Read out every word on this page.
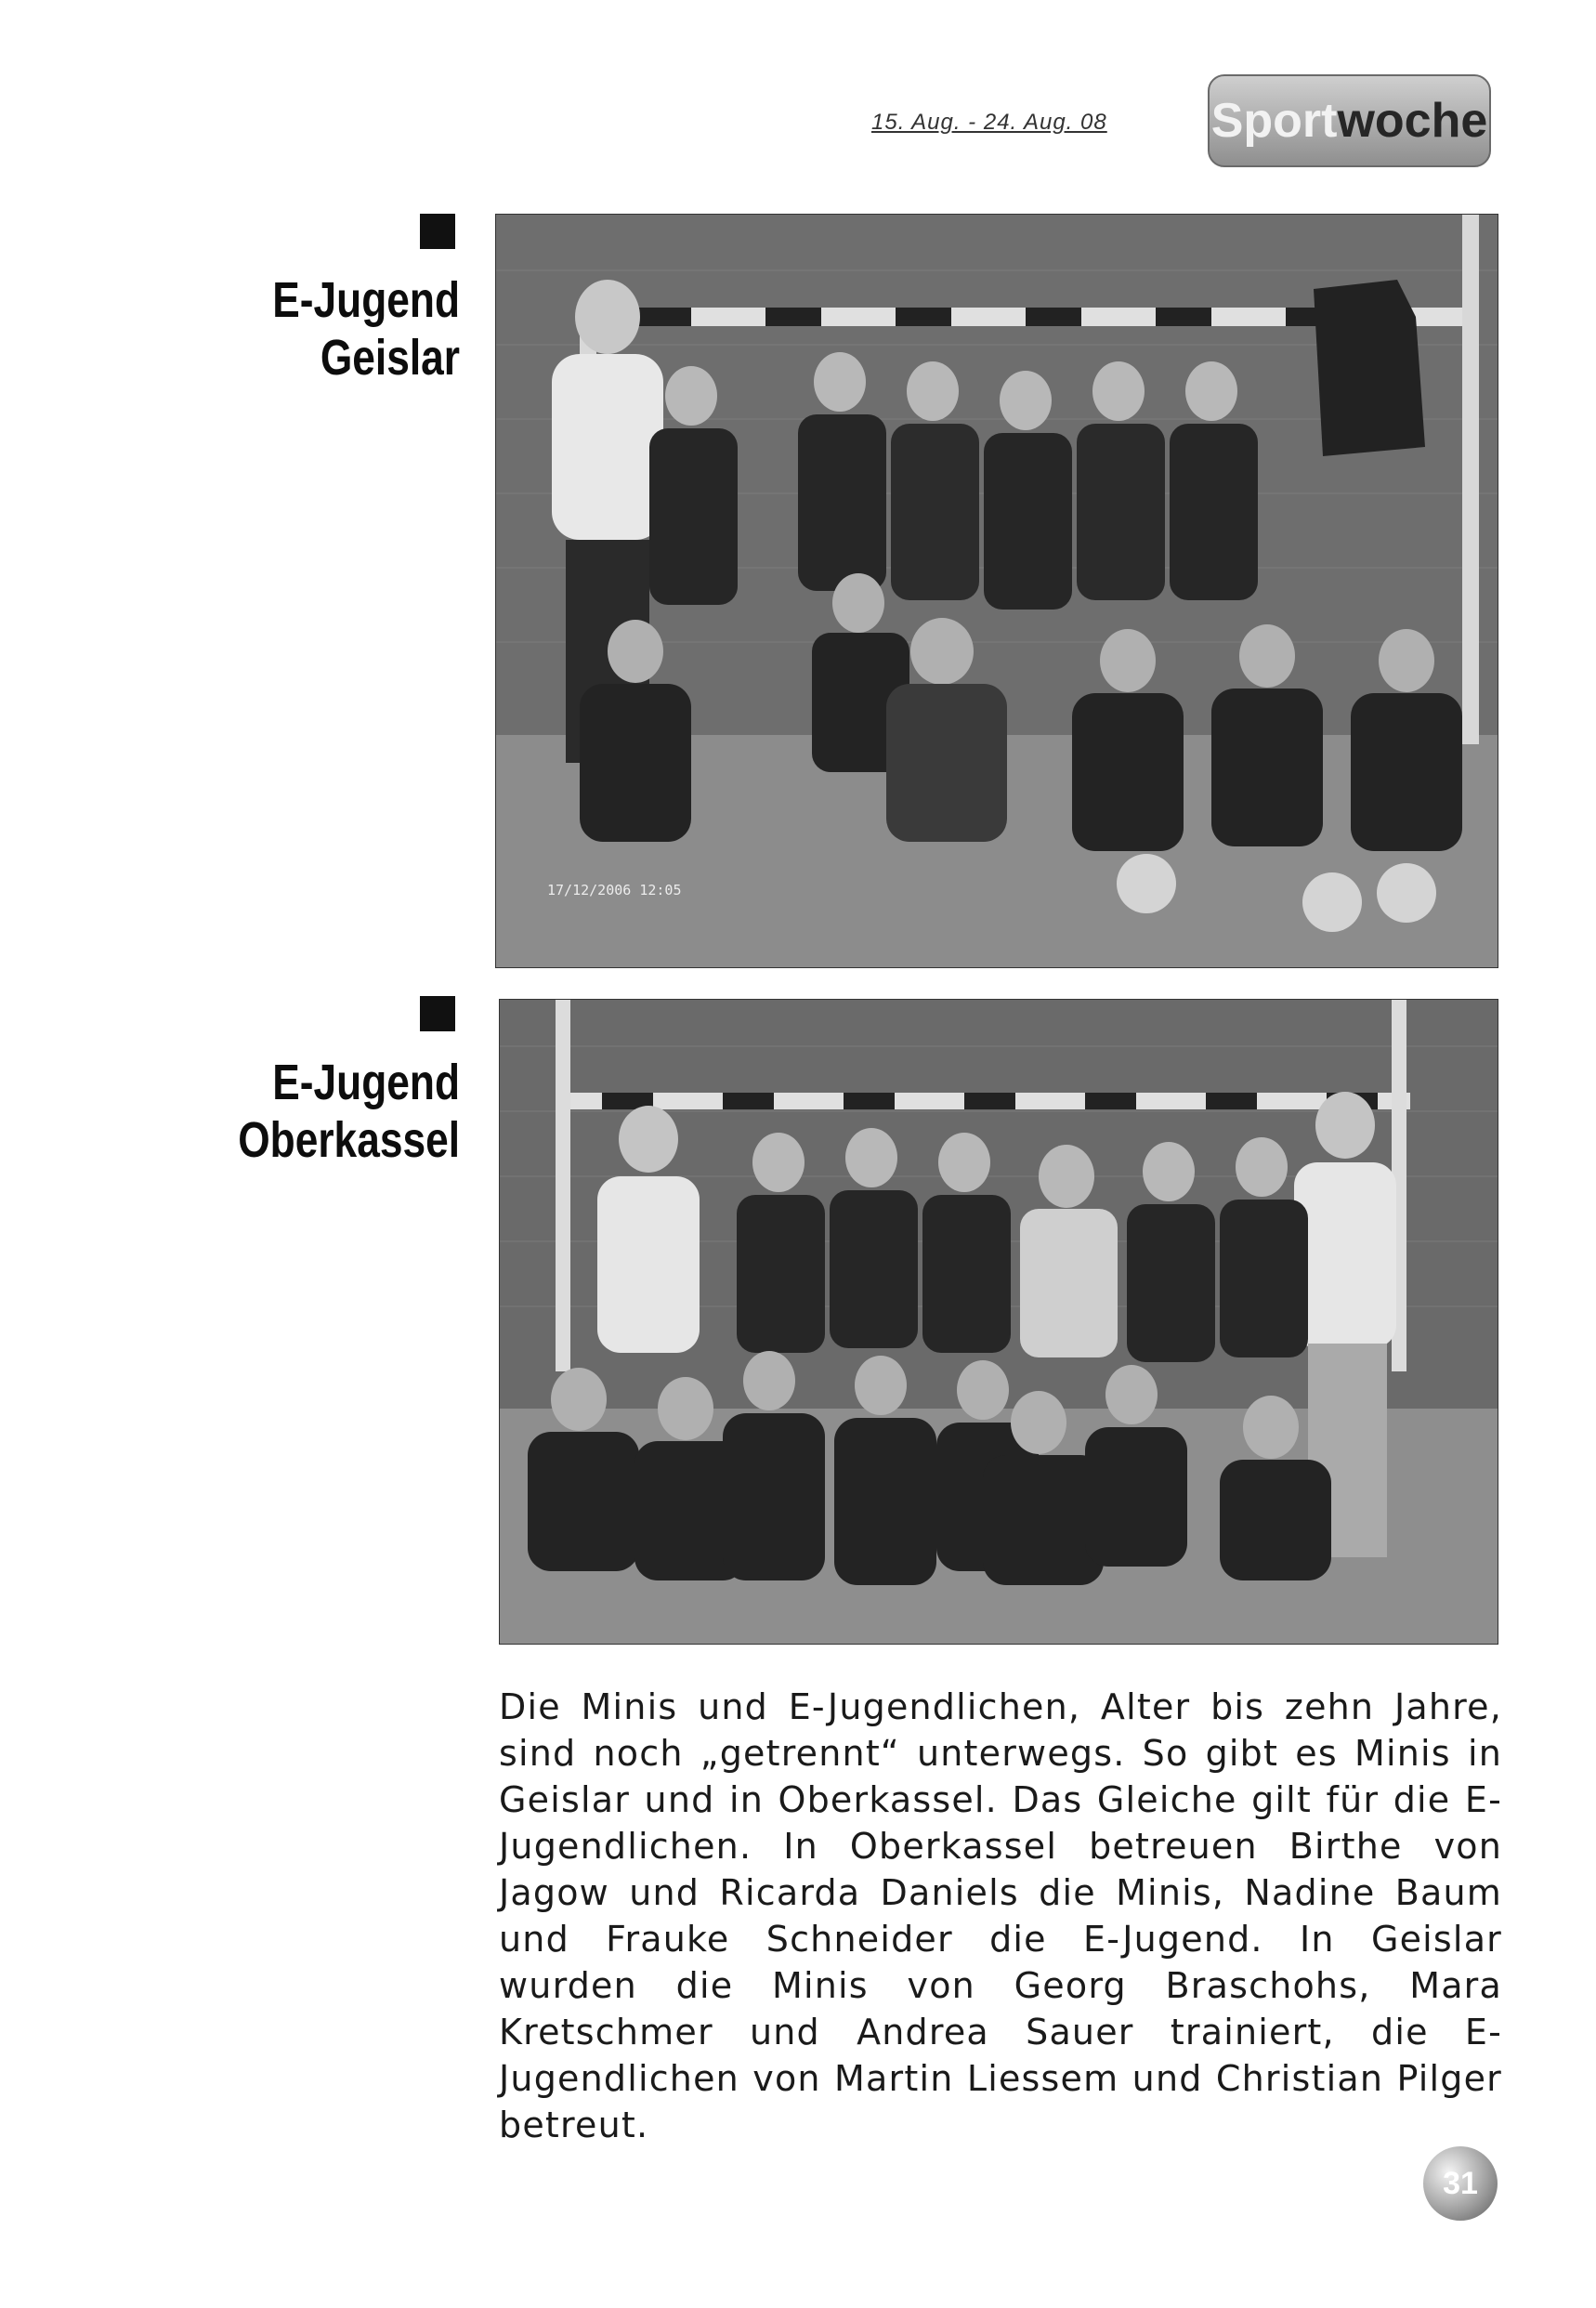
15. Aug. - 24. Aug. 08 Sport woche
E-Jugend
Geislar
17/12/2006 12:05
E-Jugend
Oberkassel
Die Minis und E-Jugendlichen, Alter bis zehn Jahre, sind noch „getrennt“ unterwegs. So gibt es Minis in Geislar und in Oberkassel. Das Gleiche gilt für die E-Jugendlichen. In Oberkassel betreuen Birthe von Jagow und Ricarda Daniels die Minis, Nadine Baum und Frauke Schneider die E-Jugend. In Geislar wurden die Minis von Georg Braschohs, Mara Kretschmer und Andrea Sauer trainiert, die E-Jugendlichen von Martin Liessem und Christian Pilger betreut.
31
